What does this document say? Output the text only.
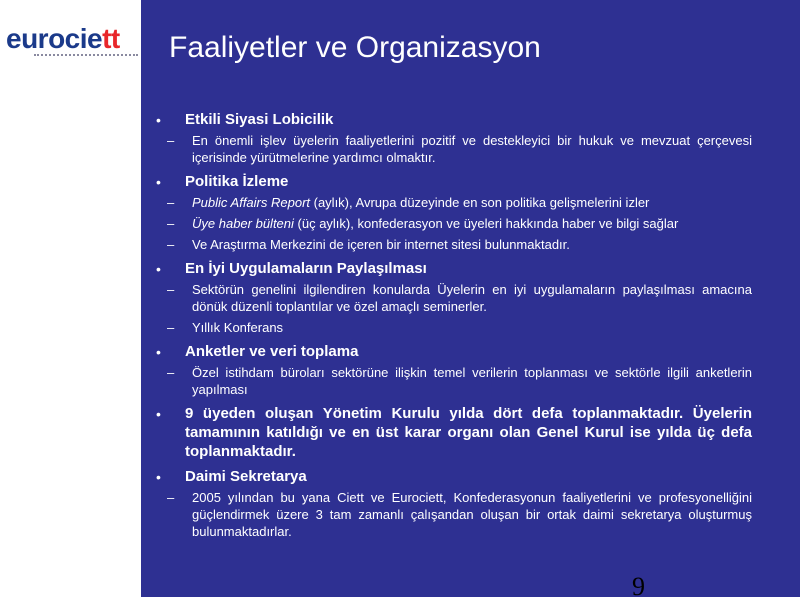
eurociett Faaliyetler ve Organizasyon
• Etkili Siyasi Lobicilik
– En önemli işlev üyelerin faaliyetlerini pozitif ve destekleyici bir hukuk ve mevzuat çerçevesi içerisinde yürütmelerine yardımcı olmaktır.
• Politika İzleme
– Public Affairs Report (aylık), Avrupa düzeyinde en son politika gelişmelerini izler
– Üye haber bülteni (üç aylık), konfederasyon ve üyeleri hakkında haber ve bilgi sağlar
– Ve Araştırma Merkezini de içeren bir internet sitesi bulunmaktadır.
• En İyi Uygulamaların Paylaşılması
– Sektörün genelini ilgilendiren konularda Üyelerin en iyi uygulamaların paylaşılması amacına dönük düzenli toplantılar ve özel amaçlı seminerler.
– Yıllık Konferans
• Anketler ve veri toplama
– Özel istihdam büroları sektörüne ilişkin temel verilerin toplanması ve sektörle ilgili anketlerin yapılması
• 9 üyeden oluşan Yönetim Kurulu yılda dört defa toplanmaktadır. Üyelerin tamamının katıldığı ve en üst karar organı olan Genel Kurul ise yılda üç defa toplanmaktadır.
• Daimi Sekretarya
– 2005 yılından bu yana Ciett ve Eurociett, Konfederasyonun faaliyetlerini ve profesyonelliğini güçlendirmek üzere 3 tam zamanlı çalışandan oluşan bir ortak daimi sekretarya oluşturmuş bulunmaktadırlar.
9
